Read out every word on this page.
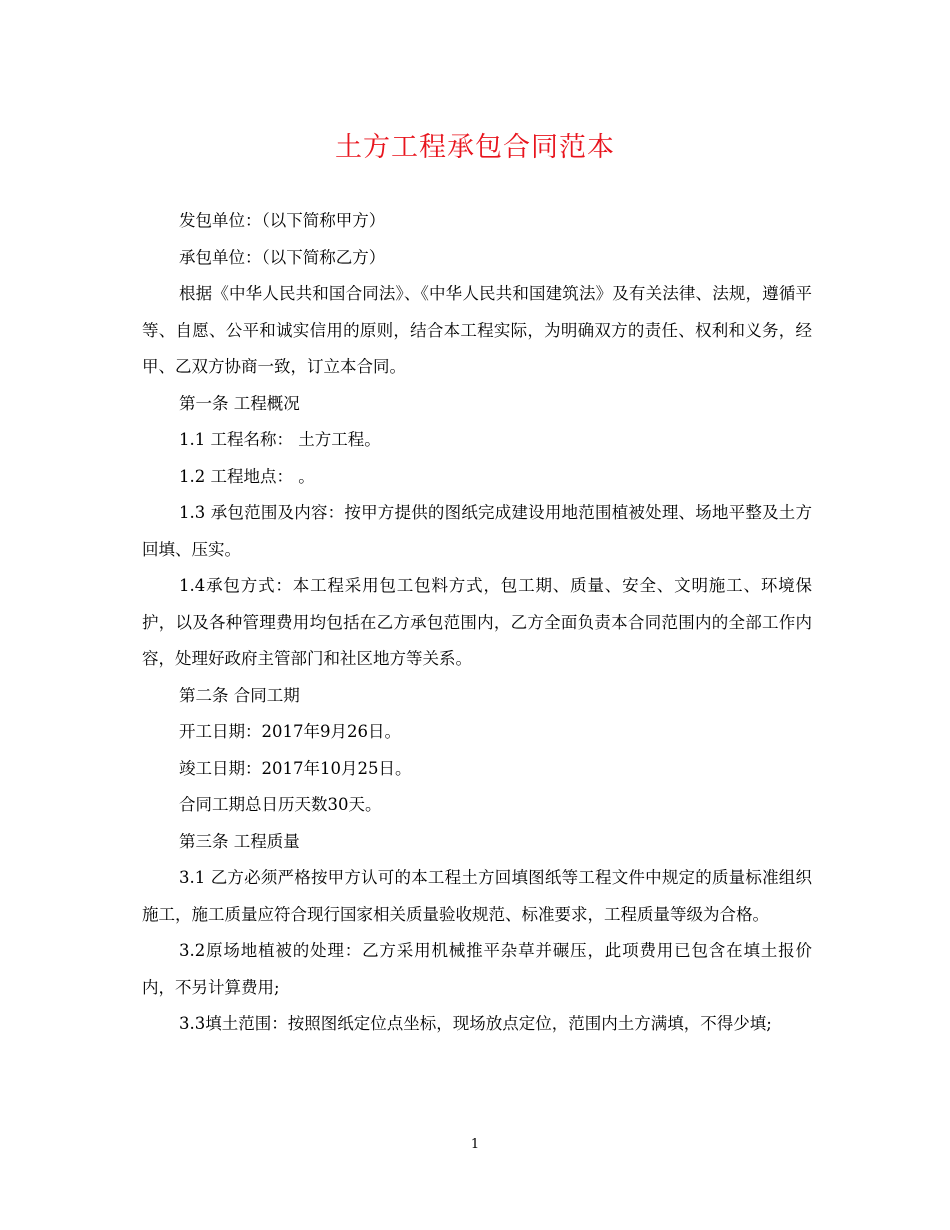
土方工程承包合同范本

发包单位：（以下简称甲方）

承包单位：（以下简称乙方）

根据《中华人民共和国合同法》、《中华人民共和国建筑法》及有关法律、法规，遵循平等、自愿、公平和诚实信用的原则，结合本工程实际，为明确双方的责任、权利和义务，经甲、乙双方协商一致，订立本合同。

第一条 工程概况

1.1 工程名称： 土方工程。

1.2 工程地点： 。

1.3 承包范围及内容：按甲方提供的图纸完成建设用地范围植被处理、场地平整及土方回填、压实。

1.4承包方式：本工程采用包工包料方式，包工期、质量、安全、文明施工、环境保护，以及各种管理费用均包括在乙方承包范围内，乙方全面负责本合同范围内的全部工作内容，处理好政府主管部门和社区地方等关系。

第二条 合同工期

开工日期：2017年9月26日。

竣工日期：2017年10月25日。

合同工期总日历天数30天。

第三条 工程质量

3.1 乙方必须严格按甲方认可的本工程土方回填图纸等工程文件中规定的质量标准组织施工，施工质量应符合现行国家相关质量验收规范、标准要求，工程质量等级为合格。

3.2原场地植被的处理：乙方采用机械推平杂草并碾压，此项费用已包含在填土报价内，不另计算费用;

3.3填土范围：按照图纸定位点坐标，现场放点定位，范围内土方满填，不得少填;

1
